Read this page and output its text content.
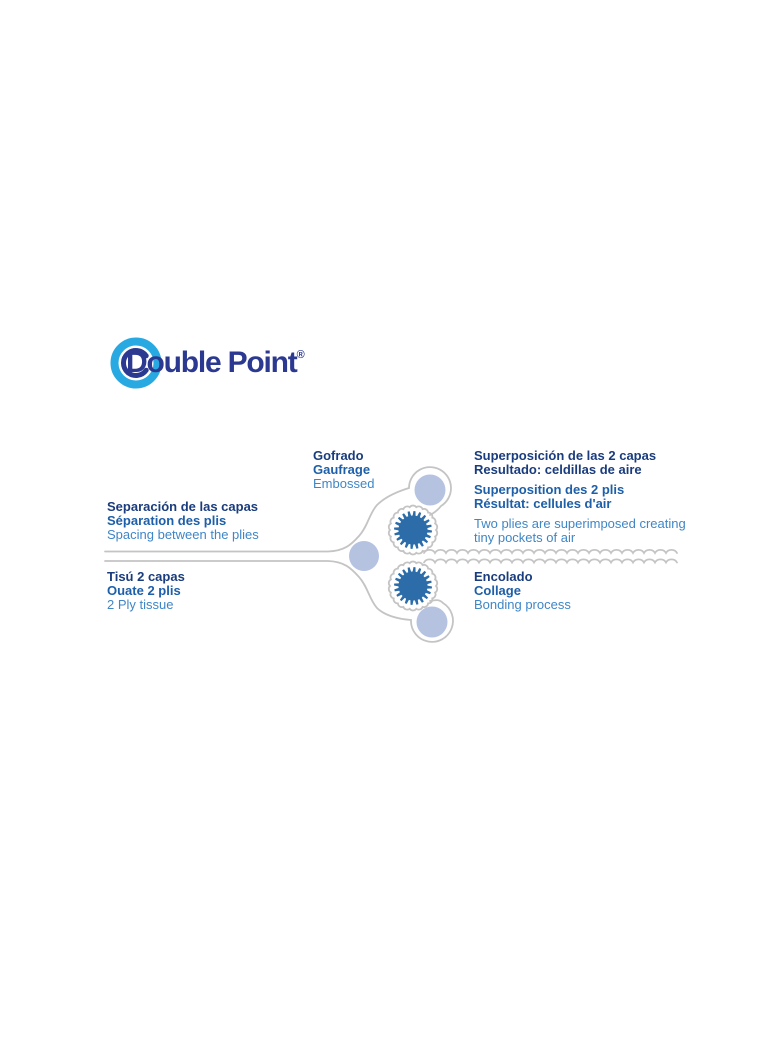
Double Point®
Gofrado
Gaufrage
Embossed
Separación de las capas
Séparation des plis
Spacing between the plies
Tisú 2 capas
Ouate 2 plis
2 Ply tissue
Superposición de las 2 capas
Resultado: celdillas de aire
Superposition des 2 plis
Résultat: cellules d'air
Two plies are superimposed creating
tiny pockets of air
Encolado
Collage
Bonding process
